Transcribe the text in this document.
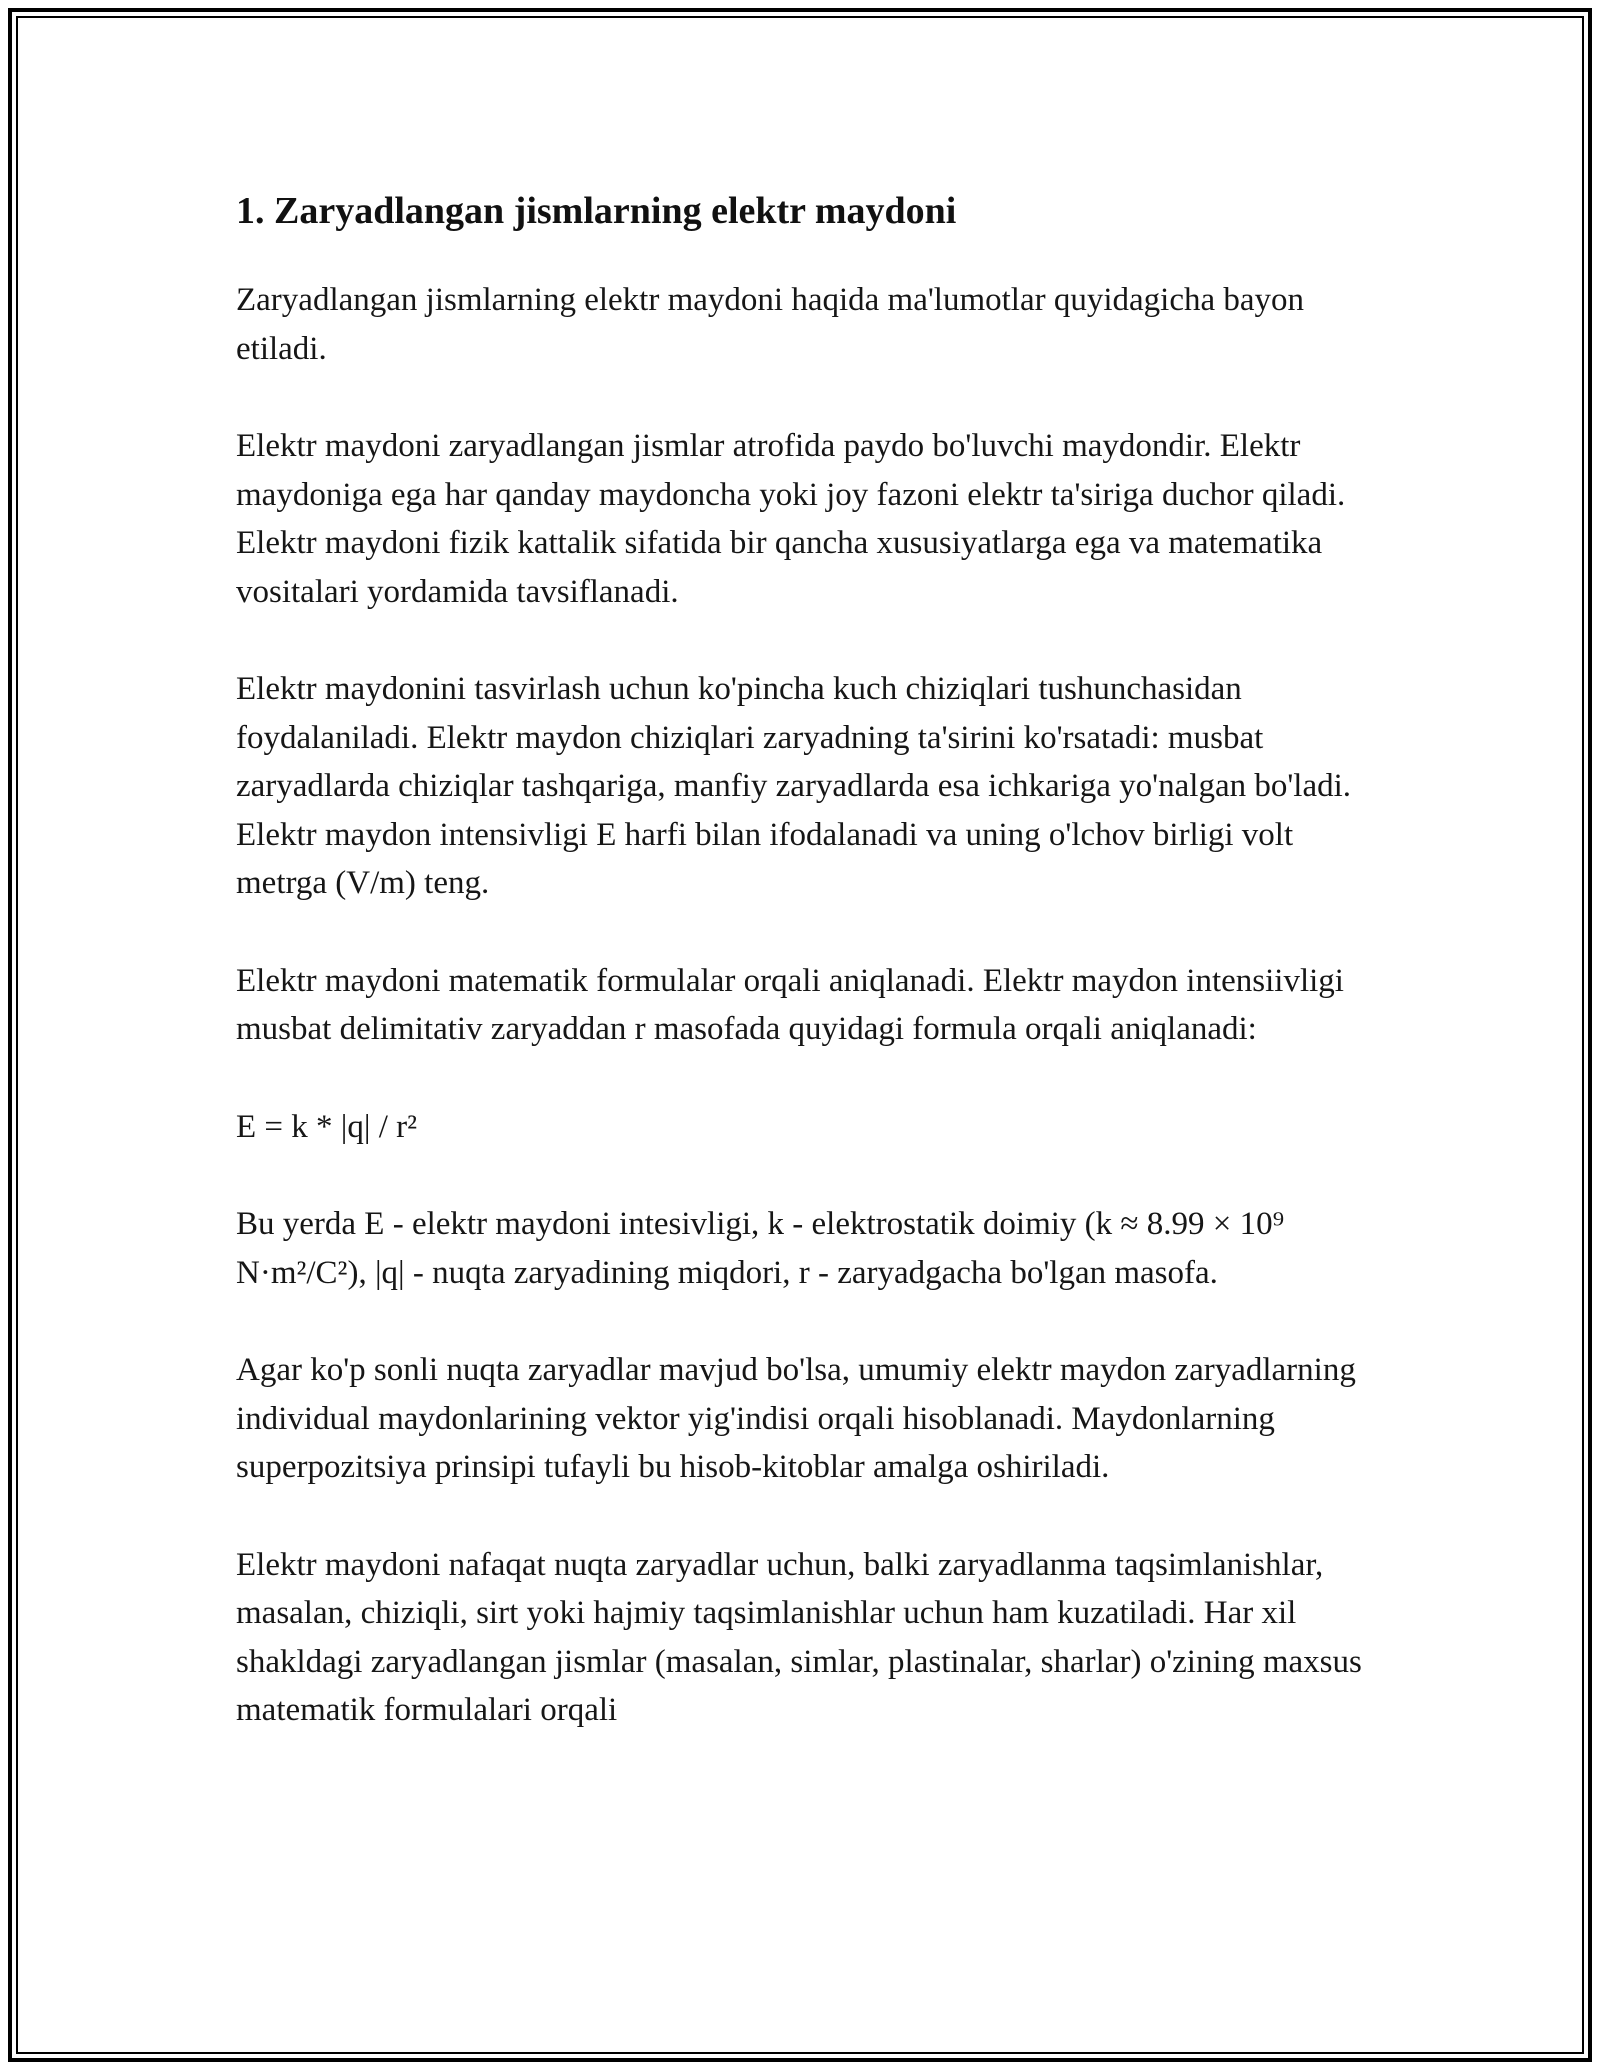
1. Zaryadlangan jismlarning elektr maydoni

Zaryadlangan jismlarning elektr maydoni haqida ma'lumotlar quyidagicha bayon etiladi.

Elektr maydoni zaryadlangan jismlar atrofida paydo bo'luvchi maydondir. Elektr maydoniga ega har qanday maydoncha yoki joy fazoni elektr ta'siriga duchor qiladi. Elektr maydoni fizik kattalik sifatida bir qancha xususiyatlarga ega va matematika vositalari yordamida tavsiflanadi.

Elektr maydonini tasvirlash uchun ko'pincha kuch chiziqlari tushunchasidan foydalaniladi. Elektr maydon chiziqlari zaryadning ta'sirini ko'rsatadi: musbat zaryadlarda chiziqlar tashqariga, manfiy zaryadlarda esa ichkariga yo'nalgan bo'ladi. Elektr maydon intensivligi E harfi bilan ifodalanadi va uning o'lchov birligi volt metrga (V/m) teng.

Elektr maydoni matematik formulalar orqali aniqlanadi. Elektr maydon intensiivligi musbat delimitativ zaryaddan r masofada quyidagi formula orqali aniqlanadi:

E = k * |q| / r²

Bu yerda E - elektr maydoni intesivligi, k - elektrostatik doimiy (k ≈ 8.99 × 10⁹ N·m²/C²), |q| - nuqta zaryadining miqdori, r - zaryadgacha bo'lgan masofa.

Agar ko'p sonli nuqta zaryadlar mavjud bo'lsa, umumiy elektr maydon zaryadlarning individual maydonlarining vektor yig'indisi orqali hisoblanadi. Maydonlarning superpozitsiya prinsipi tufayli bu hisob-kitoblar amalga oshiriladi.

Elektr maydoni nafaqat nuqta zaryadlar uchun, balki zaryadlanma taqsimlanishlar, masalan, chiziqli, sirt yoki hajmiy taqsimlanishlar uchun ham kuzatiladi. Har xil shakldagi zaryadlangan jismlar (masalan, simlar, plastinalar, sharlar) o'zining maxsus matematik formulalari orqali
